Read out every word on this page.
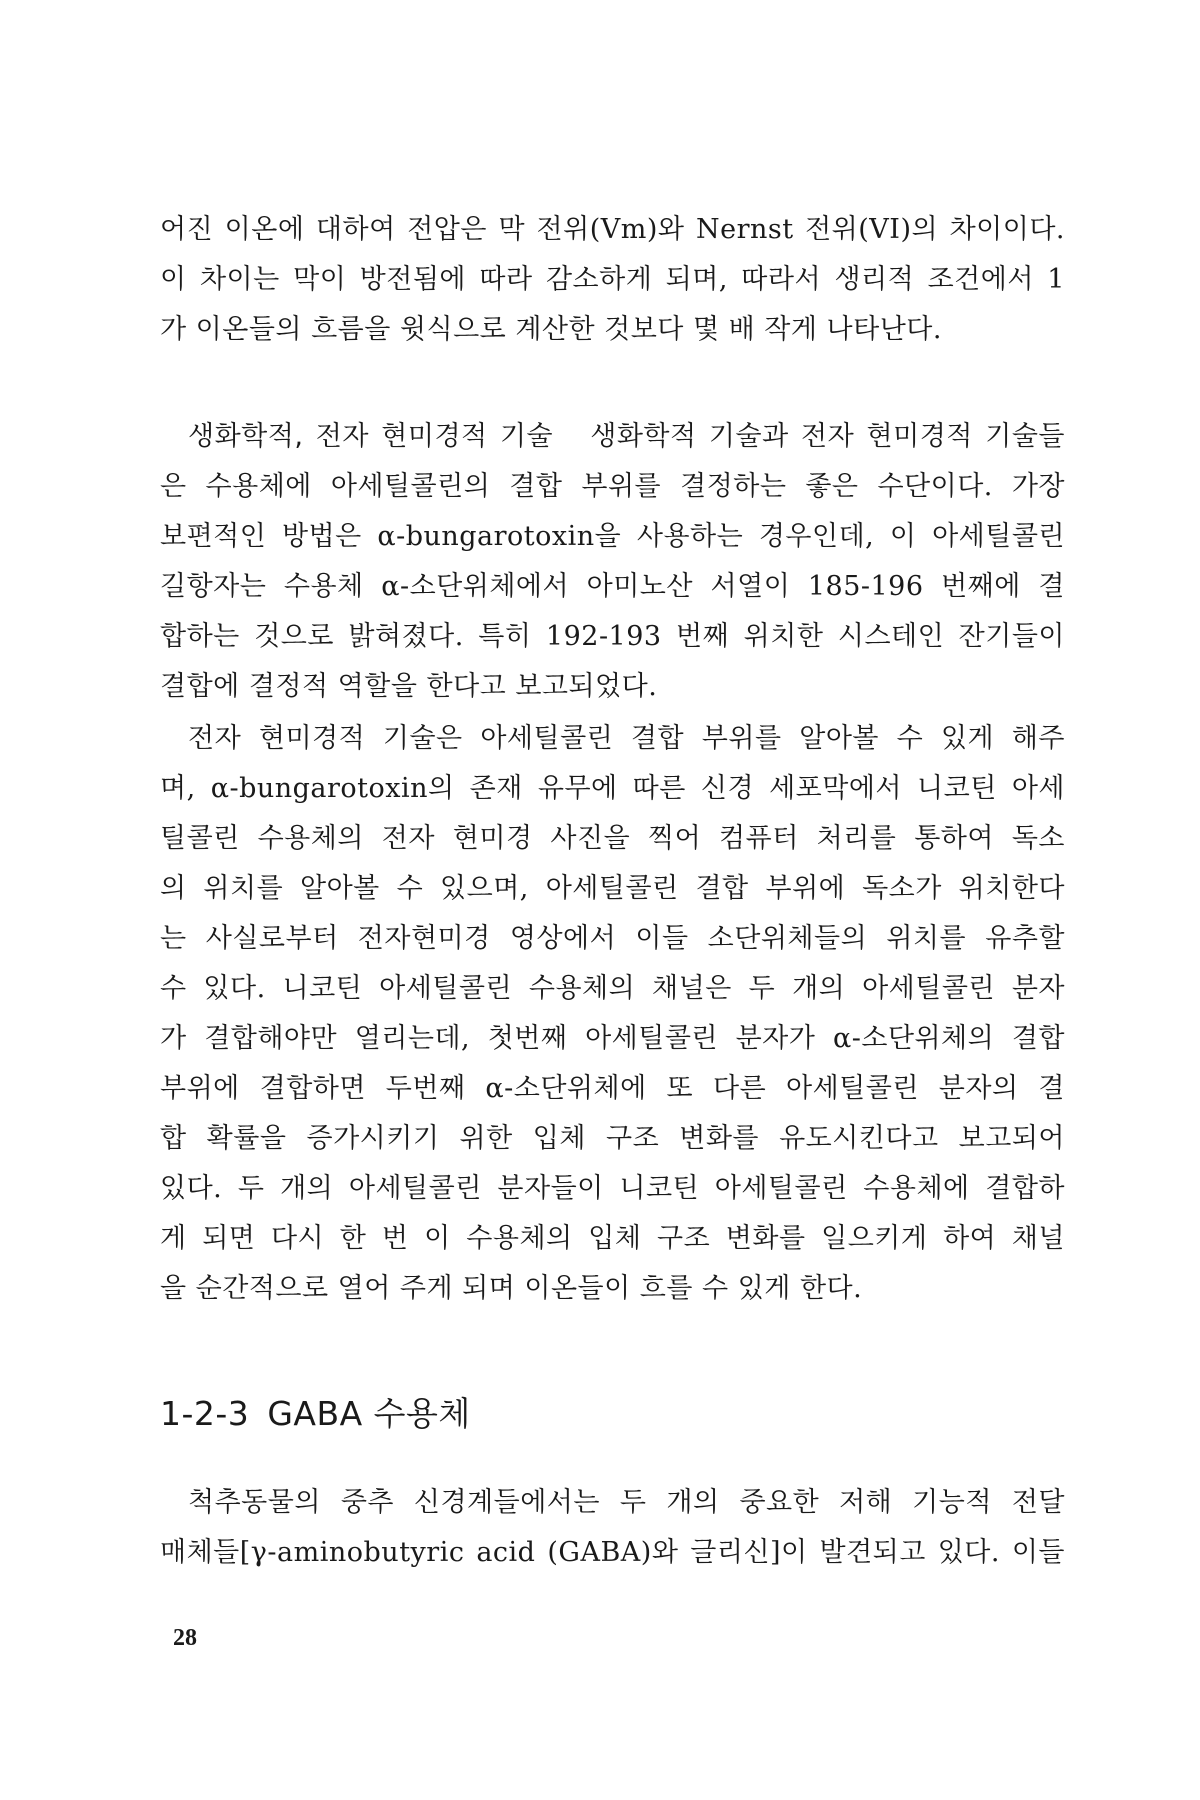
어진 이온에 대하여 전압은 막 전위(Vm)와 Nernst 전위(VI)의 차이이다.
이 차이는 막이 방전됨에 따라 감소하게 되며, 따라서 생리적 조건에서 1
가 이온들의 흐름을 윗식으로 계산한 것보다 몇 배 작게 나타난다.
생화학적, 전자 현미경적 기술 생화학적 기술과 전자 현미경적 기술들
은 수용체에 아세틸콜린의 결합 부위를 결정하는 좋은 수단이다. 가장
보편적인 방법은 α-bungarotoxin을 사용하는 경우인데, 이 아세틸콜린
길항자는 수용체 α-소단위체에서 아미노산 서열이 185-196 번째에 결
합하는 것으로 밝혀졌다. 특히 192-193 번째 위치한 시스테인 잔기들이
결합에 결정적 역할을 한다고 보고되었다.
전자 현미경적 기술은 아세틸콜린 결합 부위를 알아볼 수 있게 해주
며, α-bungarotoxin의 존재 유무에 따른 신경 세포막에서 니코틴 아세
틸콜린 수용체의 전자 현미경 사진을 찍어 컴퓨터 처리를 통하여 독소
의 위치를 알아볼 수 있으며, 아세틸콜린 결합 부위에 독소가 위치한다
는 사실로부터 전자현미경 영상에서 이들 소단위체들의 위치를 유추할
수 있다. 니코틴 아세틸콜린 수용체의 채널은 두 개의 아세틸콜린 분자
가 결합해야만 열리는데, 첫번째 아세틸콜린 분자가 α-소단위체의 결합
부위에 결합하면 두번째 α-소단위체에 또 다른 아세틸콜린 분자의 결
합 확률을 증가시키기 위한 입체 구조 변화를 유도시킨다고 보고되어
있다. 두 개의 아세틸콜린 분자들이 니코틴 아세틸콜린 수용체에 결합하
게 되면 다시 한 번 이 수용체의 입체 구조 변화를 일으키게 하여 채널
을 순간적으로 열어 주게 되며 이온들이 흐를 수 있게 한다.
1-2-3 GABA 수용체
척추동물의 중추 신경계들에서는 두 개의 중요한 저해 기능적 전달
매체들[γ-aminobutyric acid (GABA)와 글리신]이 발견되고 있다. 이들
28
